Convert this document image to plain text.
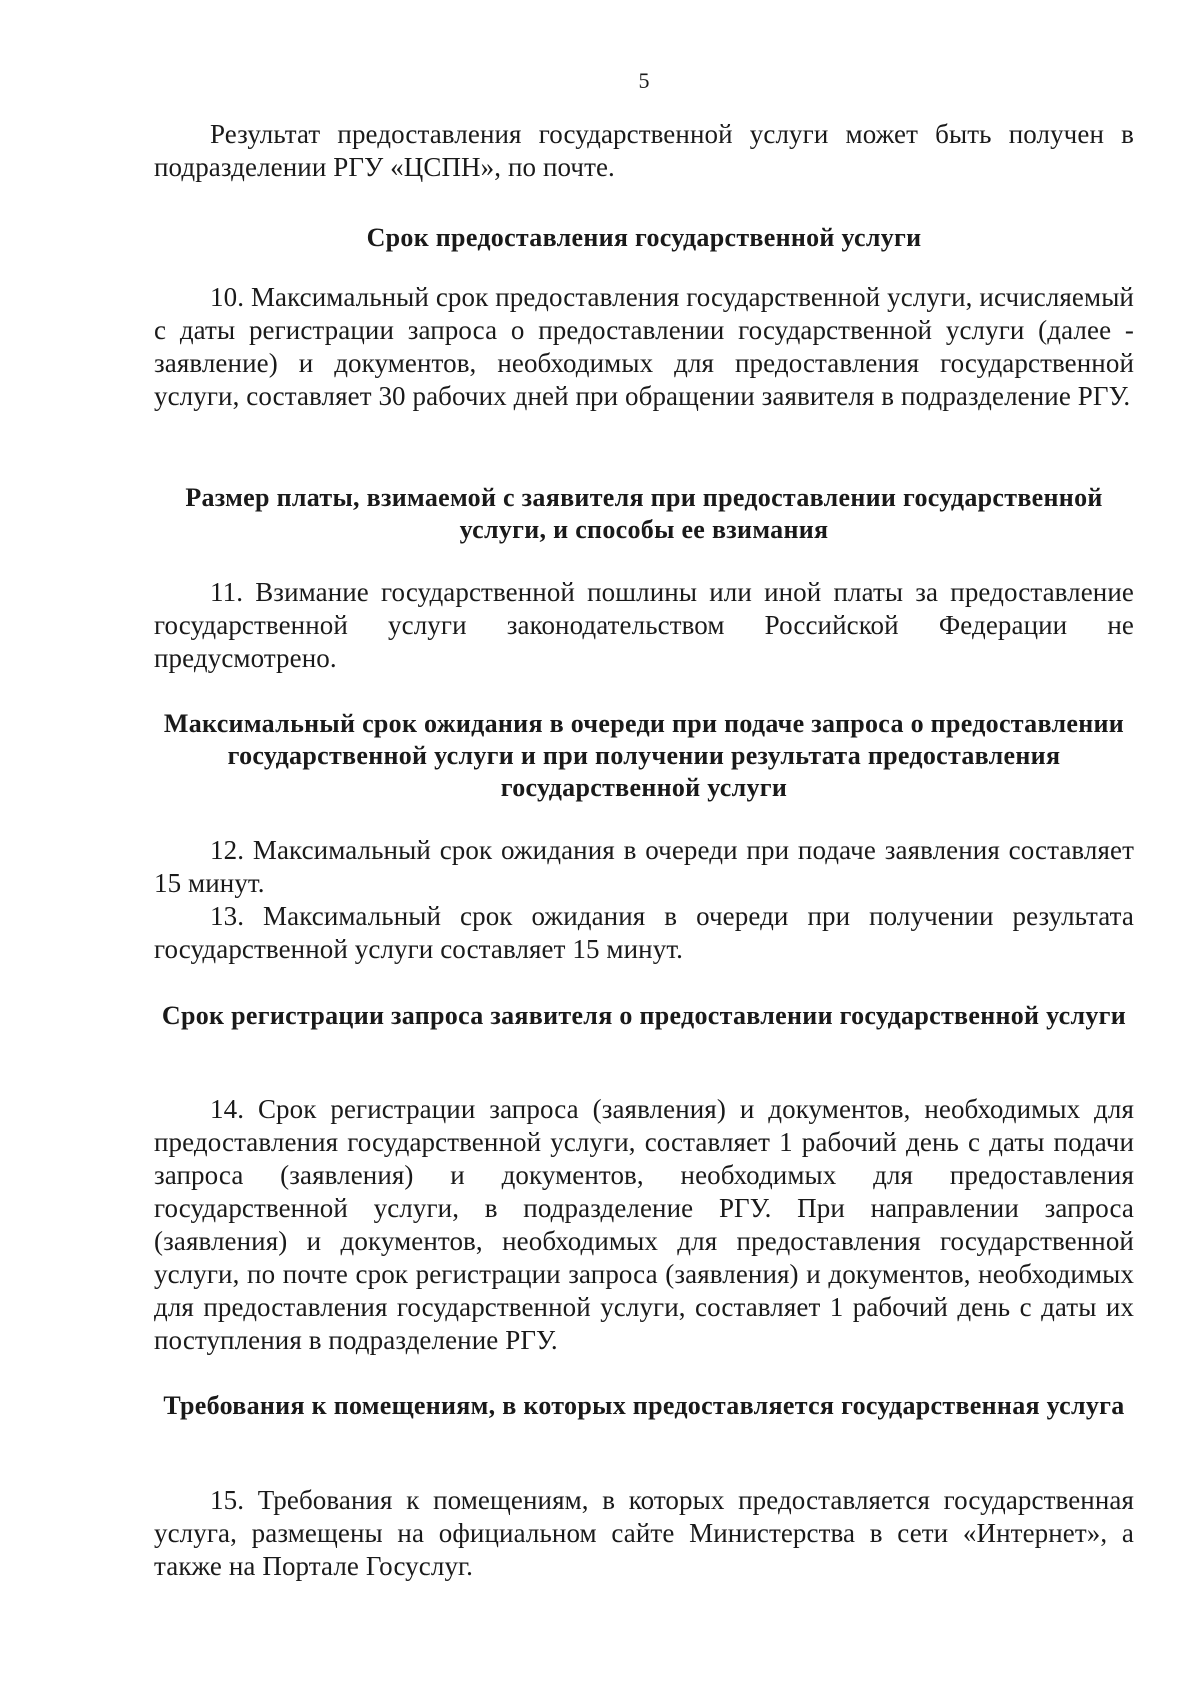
5

Результат предоставления государственной услуги может быть получен в подразделении РГУ «ЦСПН», по почте.

Срок предоставления государственной услуги

10. Максимальный срок предоставления государственной услуги, исчисляемый с даты регистрации запроса о предоставлении государственной услуги (далее - заявление) и документов, необходимых для предоставления государственной услуги, составляет 30 рабочих дней при обращении заявителя в подразделение РГУ.

Размер платы, взимаемой с заявителя при предоставлении государственной услуги, и способы ее взимания

11. Взимание государственной пошлины или иной платы за предоставление государственной услуги законодательством Российской Федерации не предусмотрено.

Максимальный срок ожидания в очереди при подаче запроса о предоставлении государственной услуги и при получении результата предоставления государственной услуги

12. Максимальный срок ожидания в очереди при подаче заявления составляет 15 минут.

13. Максимальный срок ожидания в очереди при получении результата государственной услуги составляет 15 минут.

Срок регистрации запроса заявителя о предоставлении государственной услуги

14. Срок регистрации запроса (заявления) и документов, необходимых для предоставления государственной услуги, составляет 1 рабочий день с даты подачи запроса (заявления) и документов, необходимых для предоставления государственной услуги, в подразделение РГУ. При направлении запроса (заявления) и документов, необходимых для предоставления государственной услуги, по почте срок регистрации запроса (заявления) и документов, необходимых для предоставления государственной услуги, составляет 1 рабочий день с даты их поступления в подразделение РГУ.

Требования к помещениям, в которых предоставляется государственная услуга

15. Требования к помещениям, в которых предоставляется государственная услуга, размещены на официальном сайте Министерства в сети «Интернет», а также на Портале Госуслуг.
